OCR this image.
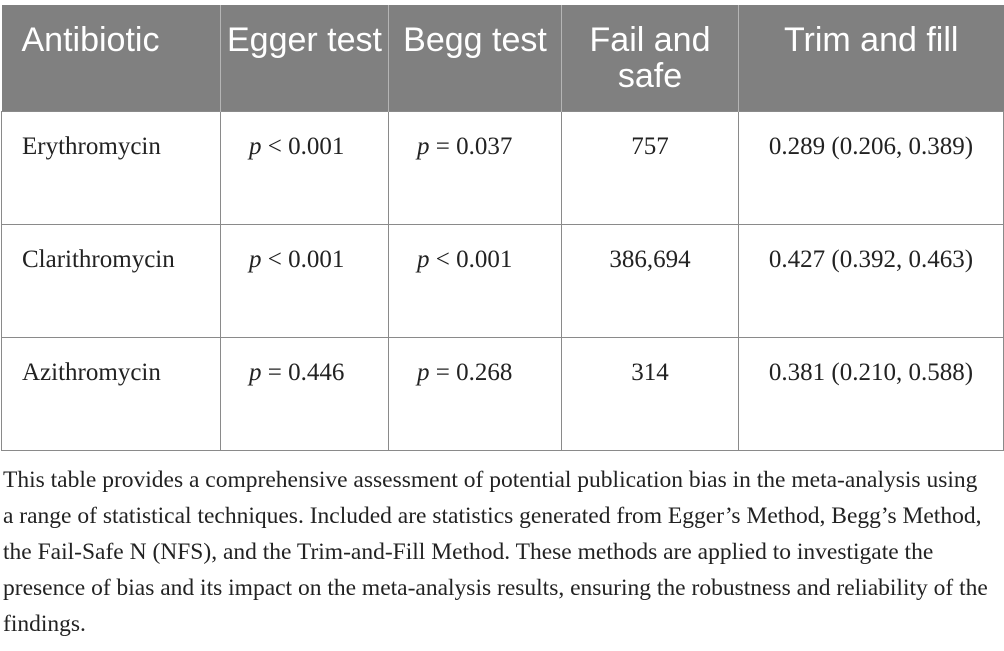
Antibiotic	Egger test	Begg test	Fail and safe	Trim and fill

Erythromycin	p < 0.001	p = 0.037	757	0.289 (0.206, 0.389)

Clarithromycin	p < 0.001	p < 0.001	386,694	0.427 (0.392, 0.463)

Azithromycin	p = 0.446	p = 0.268	314	0.381 (0.210, 0.588)

This table provides a comprehensive assessment of potential publication bias in the meta-analysis using a range of statistical techniques. Included are statistics generated from Egger’s Method, Begg’s Method, the Fail-Safe N (NFS), and the Trim-and-Fill Method. These methods are applied to investigate the presence of bias and its impact on the meta-analysis results, ensuring the robustness and reliability of the findings.
